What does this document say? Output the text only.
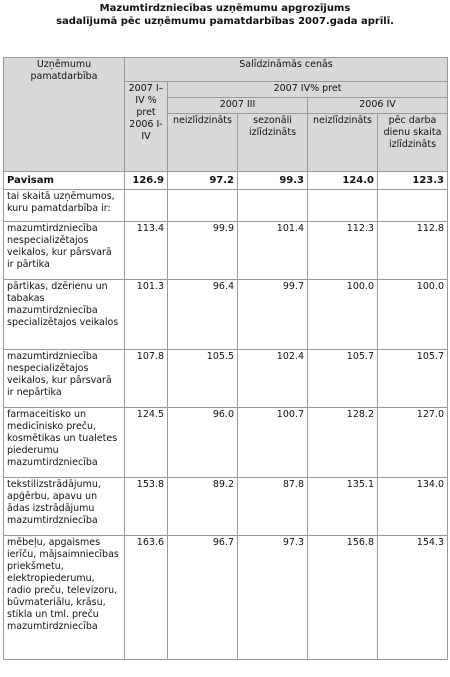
Mazumtirdzniecības uzņēmumu apgrozījums
sadalījumā pēc uzņēmumu pamatdarbības 2007.gada aprīlī.
Uzņēmumu pamatdarbība	Salīdzināmās cenās				
	2007 I–IV % pret 2006 I-IV	2007 IV% pret			
		2007 III		2006 IV	
		neizlīdzināts	sezonāli izlīdzināts	neizlīdzināts	pēc darba dienu skaita izlīdzināts
Pavisam	126.9	97.2	99.3	124.0	123.3
tai skaitā uzņēmumos, kuru pamatdarbība ir:					
mazumtirdzniecība nespecializētajos veikalos, kur pārsvarā ir pārtika	113.4	99.9	101.4	112.3	112.8
pārtikas, dzērienu un tabakas mazumtirdzniecība specializētajos veikalos	101.3	96.4	99.7	100.0	100.0
mazumtirdzniecība nespecializētajos veikalos, kur pārsvarā ir nepārtika	107.8	105.5	102.4	105.7	105.7
farmaceitisko un medicīnisko preču, kosmētikas un tualetes piederumu mazumtirdzniecība	124.5	96.0	100.7	128.2	127.0
tekstilizstrādājumu, apģērbu, apavu un ādas izstrādājumu mazumtirdzniecība	153.8	89.2	87.8	135.1	134.0
mēbeļu, apgaismes ierīču, mājsaimniecības priekšmetu, elektropiederumu, radio preču, televizoru, būvmateriālu, krāsu, stikla un tml. preču mazumtirdzniecība	163.6	96.7	97.3	156.8	154.3
